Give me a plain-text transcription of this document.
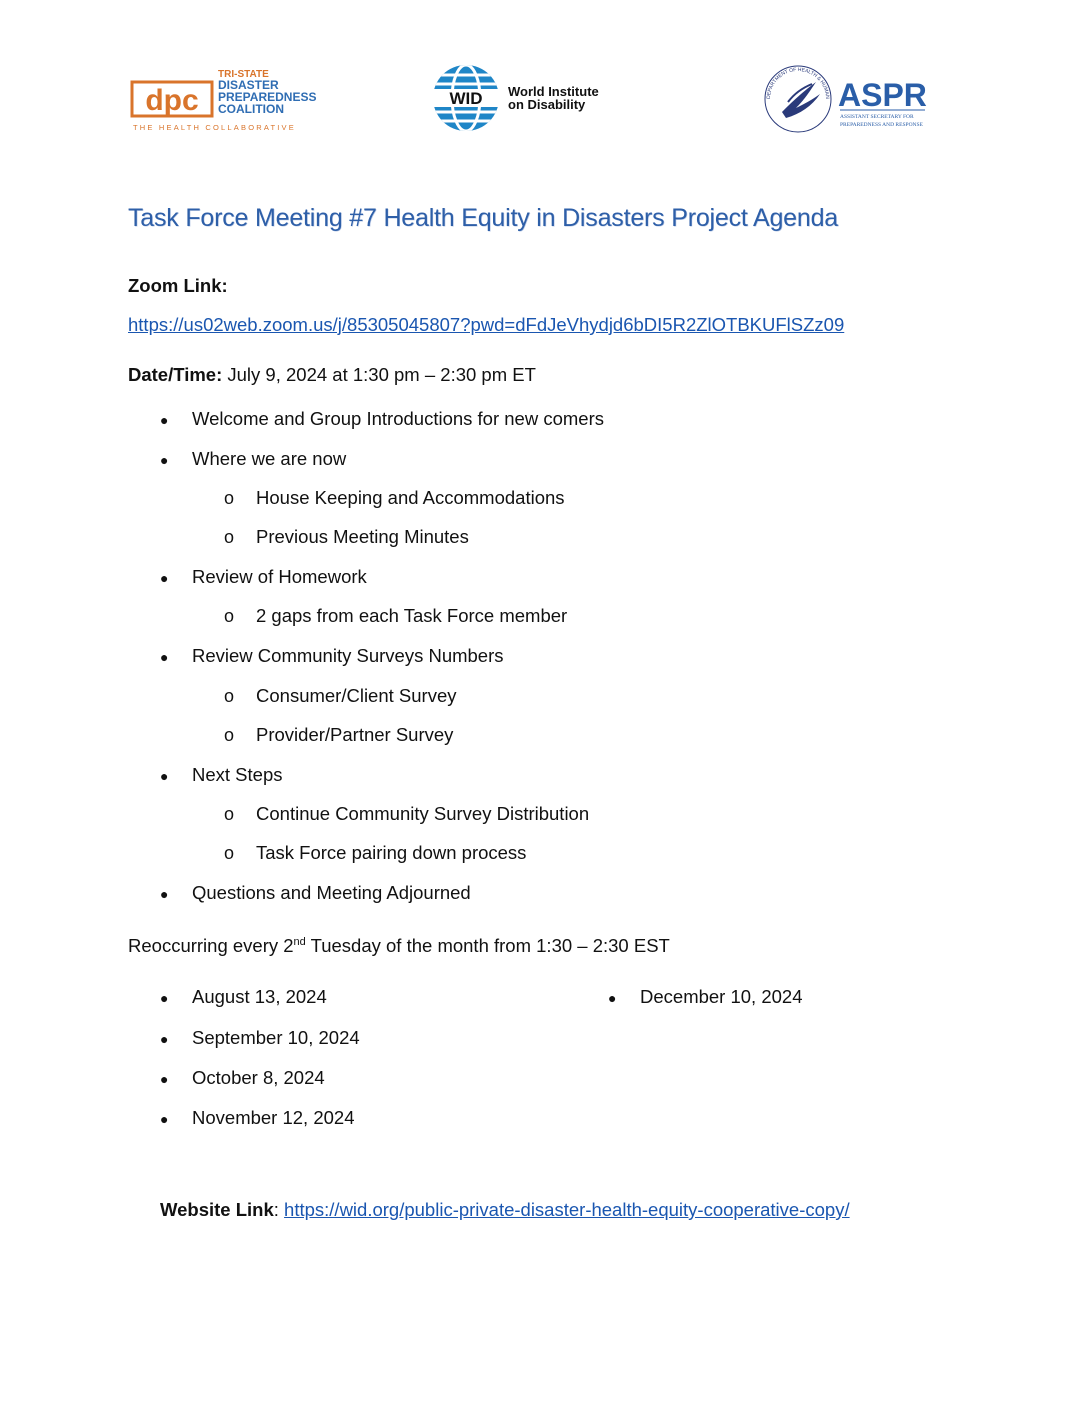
dpc
TRI-STATE
DISASTER
PREPAREDNESS
COALITION
THE HEALTH COLLABORATIVE
WID World Institute
on Disability	DEPARTMENT OF HEALTH & HUMAN ASPR
ASSISTANT SECRETARY FOR
PREPAREDNESS AND RESPONSE
Task Force Meeting #7 Health Equity in Disasters Project Agenda
Zoom Link:
https://us02web.zoom.us/j/85305045807?pwd=dFdJeVhydjd6bDI5R2ZlOTBKUFlSZz09
Date/Time: July 9, 2024 at 1:30 pm – 2:30 pm ET
● Welcome and Group Introductions for new comers
● Where we are now
o House Keeping and Accommodations
o Previous Meeting Minutes
● Review of Homework
o 2 gaps from each Task Force member
● Review Community Surveys Numbers
o Consumer/Client Survey
o Provider/Partner Survey
● Next Steps
o Continue Community Survey Distribution
o Task Force pairing down process
● Questions and Meeting Adjourned
Reoccurring every 2nd Tuesday of the month from 1:30 – 2:30 EST
● August 13, 2024
● September 10, 2024
● October 8, 2024
● November 12, 2024
● December 10, 2024
Website Link: https://wid.org/public-private-disaster-health-equity-cooperative-copy/
